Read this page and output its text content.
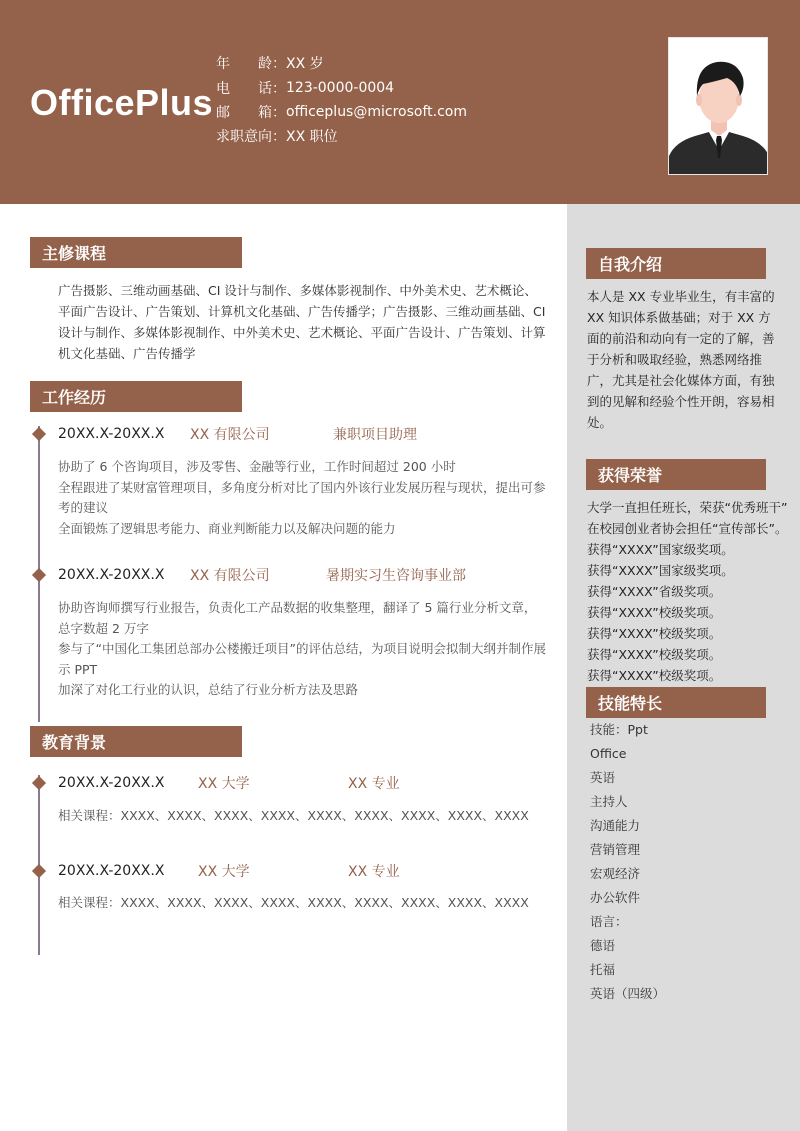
OfficePlus
年　　龄： XX 岁
电　　话： 123-0000-0004
邮　　箱： officeplus@microsoft.com
求职意向： XX 职位
主修课程
广告摄影、三维动画基础、CI 设计与制作、多媒体影视制作、中外美术史、艺术概论、平面广告设计、广告策划、计算机文化基础、广告传播学；广告摄影、三维动画基础、CI 设计与制作、多媒体影视制作、中外美术史、艺术概论、平面广告设计、广告策划、计算机文化基础、广告传播学
工作经历
20XX.X-20XX.X XX 有限公司	兼职项目助理
协助了 6 个咨询项目，涉及零售、金融等行业，工作时间超过 200 小时
全程跟进了某财富管理项目，多角度分析对比了国内外该行业发展历程与现状，提出可参考的建议
全面锻炼了逻辑思考能力、商业判断能力以及解决问题的能力
20XX.X-20XX.X XX 有限公司	暑期实习生咨询事业部
协助咨询师撰写行业报告，负责化工产品数据的收集整理，翻译了 5 篇行业分析文章，总字数超 2 万字
参与了“中国化工集团总部办公楼搬迁项目”的评估总结，为项目说明会拟制大纲并制作展示 PPT
加深了对化工行业的认识，总结了行业分析方法及思路
教育背景
20XX.X-20XX.X XX 大学	XX 专业
相关课程：XXXX、XXXX、XXXX、XXXX、XXXX、XXXX、XXXX、XXXX、XXXX
20XX.X-20XX.X XX 大学	XX 专业
相关课程：XXXX、XXXX、XXXX、XXXX、XXXX、XXXX、XXXX、XXXX、XXXX
自我介绍
本人是 XX 专业毕业生，有丰富的 XX 知识体系做基础；对于 XX 方面的前沿和动向有一定的了解，善于分析和吸取经验，熟悉网络推广，尤其是社会化媒体方面，有独到的见解和经验个性开朗，容易相处。
获得荣誉
大学一直担任班长，荣获“优秀班干”
在校园创业者协会担任“宣传部长”。
获得“XXXX”国家级奖项。
获得“XXXX”国家级奖项。
获得“XXXX”省级奖项。
获得“XXXX”校级奖项。
获得“XXXX”校级奖项。
获得“XXXX”校级奖项。
获得“XXXX”校级奖项。
技能特长
技能：Ppt
Office
英语
主持人
沟通能力
营销管理
宏观经济
办公软件
语言：
德语
托福
英语（四级）
